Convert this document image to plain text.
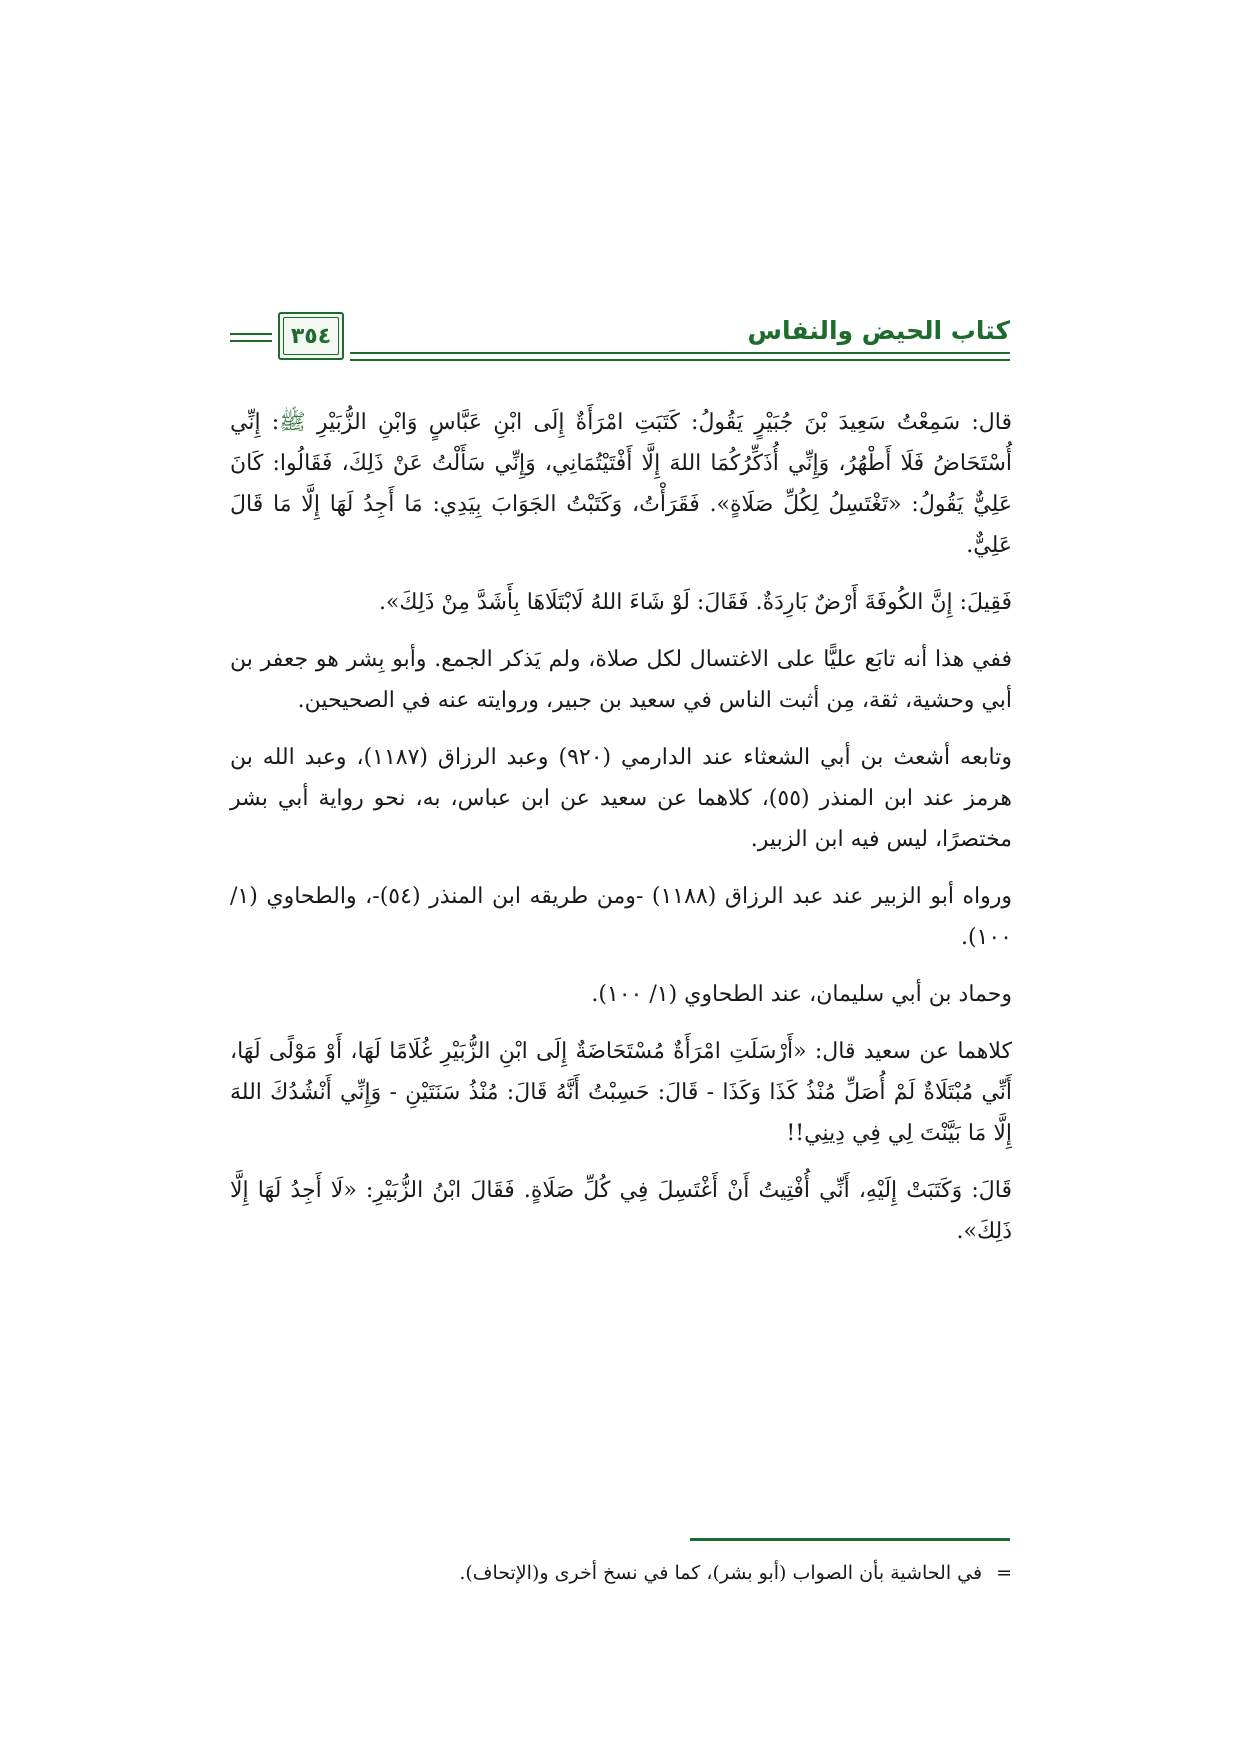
٣٥٤	كتاب الحيض والنفاس

قال: سَمِعْتُ سَعِيدَ بْنَ جُبَيْرٍ يَقُولُ: كَتَبَتِ امْرَأَةٌ إِلَى ابْنِ عَبَّاسٍ وَابْنِ الزُّبَيْرِ ﷺ: إِنِّي أُسْتَحَاضُ فَلَا أَطْهُرُ، وَإِنِّي أُذَكِّرُكُمَا اللهَ إِلَّا أَفْتَيْتُمَانِي، وَإِنِّي سَأَلْتُ عَنْ ذَلِكَ، فَقَالُوا: كَانَ عَلِيٌّ يَقُولُ: «تَغْتَسِلُ لِكُلِّ صَلَاةٍ». فَقَرَأْتُ، وَكَتَبْتُ الجَوَابَ بِيَدِي: مَا أَجِدُ لَهَا إِلَّا مَا قَالَ عَلِيٌّ.

فَقِيلَ: إِنَّ الكُوفَةَ أَرْضٌ بَارِدَةٌ. فَقَالَ: لَوْ شَاءَ اللهُ لَابْتَلَاهَا بِأَشَدَّ مِنْ ذَلِكَ».

ففي هذا أنه تابَع عليًّا على الاغتسال لكل صلاة، ولم يَذكر الجمع. وأبو بِشر هو جعفر بن أبي وحشية، ثقة، مِن أثبت الناس في سعيد بن جبير، وروايته عنه في الصحيحين.

وتابعه أشعث بن أبي الشعثاء عند الدارمي (٩٢٠) وعبد الرزاق (١١٨٧)، وعبد الله بن هرمز عند ابن المنذر (٥٥)، كلاهما عن سعيد عن ابن عباس، به، نحو رواية أبي بشر مختصرًا، ليس فيه ابن الزبير.

ورواه أبو الزبير عند عبد الرزاق (١١٨٨) -ومن طريقه ابن المنذر (٥٤)-، والطحاوي (١/ ١٠٠).

وحماد بن أبي سليمان، عند الطحاوي (١/ ١٠٠).

كلاهما عن سعيد قال: «أَرْسَلَتِ امْرَأَةٌ مُسْتَحَاضَةٌ إِلَى ابْنِ الزُّبَيْرِ غُلَامًا لَهَا، أَوْ مَوْلًى لَهَا، أَنِّي مُبْتَلَاةٌ لَمْ أُصَلِّ مُنْذُ كَذَا وَكَذَا - قَالَ: حَسِبْتُ أَنَّهُ قَالَ: مُنْذُ سَنَتَيْنِ - وَإِنِّي أَنْشُدُكَ اللهَ إِلَّا مَا بَيَّنْتَ لِي فِي دِينِي!!

قَالَ: وَكَتَبَتْ إِلَيْهِ، أَنِّي أُفْتِيتُ أَنْ أَغْتَسِلَ فِي كُلِّ صَلَاةٍ. فَقَالَ ابْنُ الزُّبَيْرِ: «لَا أَجِدُ لَهَا إِلَّا ذَلِكَ».

=في الحاشية بأن الصواب (أبو بشر)، كما في نسخ أخرى و(الإتحاف).
